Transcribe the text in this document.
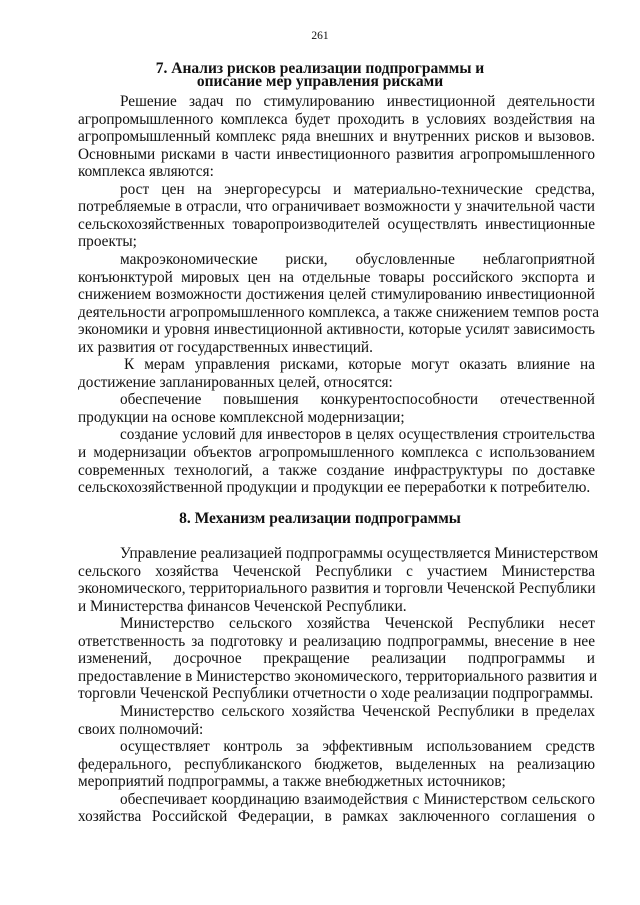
261
7. Анализ рисков реализации подпрограммы и
описание мер управления рисками
Решение задач по стимулированию инвестиционной деятельности
агропромышленного комплекса будет проходить в условиях воздействия на
агропромышленный комплекс ряда внешних и внутренних рисков и вызовов.
Основными рисками в части инвестиционного развития агропромышленного
комплекса являются:
рост цен на энергоресурсы и материально-технические средства,
потребляемые в отрасли, что ограничивает возможности у значительной части
сельскохозяйственных товаропроизводителей осуществлять инвестиционные
проекты;
макроэкономические риски, обусловленные неблагоприятной
конъюнктурой мировых цен на отдельные товары российского экспорта и
снижением возможности достижения целей стимулированию инвестиционной
деятельности агропромышленного комплекса, а также снижением темпов роста
экономики и уровня инвестиционной активности, которые усилят зависимость
их развития от государственных инвестиций.
К мерам управления рисками, которые могут оказать влияние на
достижение запланированных целей, относятся:
обеспечение повышения конкурентоспособности отечественной
продукции на основе комплексной модернизации;
создание условий для инвесторов в целях осуществления строительства
и модернизации объектов агропромышленного комплекса с использованием
современных технологий, а также создание инфраструктуры по доставке
сельскохозяйственной продукции и продукции ее переработки к потребителю.
8. Механизм реализации подпрограммы
Управление реализацией подпрограммы осуществляется Министерством
сельского хозяйства Чеченской Республики с участием Министерства
экономического, территориального развития и торговли Чеченской Республики
и Министерства финансов Чеченской Республики.
Министерство сельского хозяйства Чеченской Республики несет
ответственность за подготовку и реализацию подпрограммы, внесение в нее
изменений, досрочное прекращение реализации подпрограммы и
предоставление в Министерство экономического, территориального развития и
торговли Чеченской Республики отчетности о ходе реализации подпрограммы.
Министерство сельского хозяйства Чеченской Республики в пределах
своих полномочий:
осуществляет контроль за эффективным использованием средств
федерального, республиканского бюджетов, выделенных на реализацию
мероприятий подпрограммы, а также внебюджетных источников;
обеспечивает координацию взаимодействия с Министерством сельского
хозяйства Российской Федерации, в рамках заключенного соглашения о
